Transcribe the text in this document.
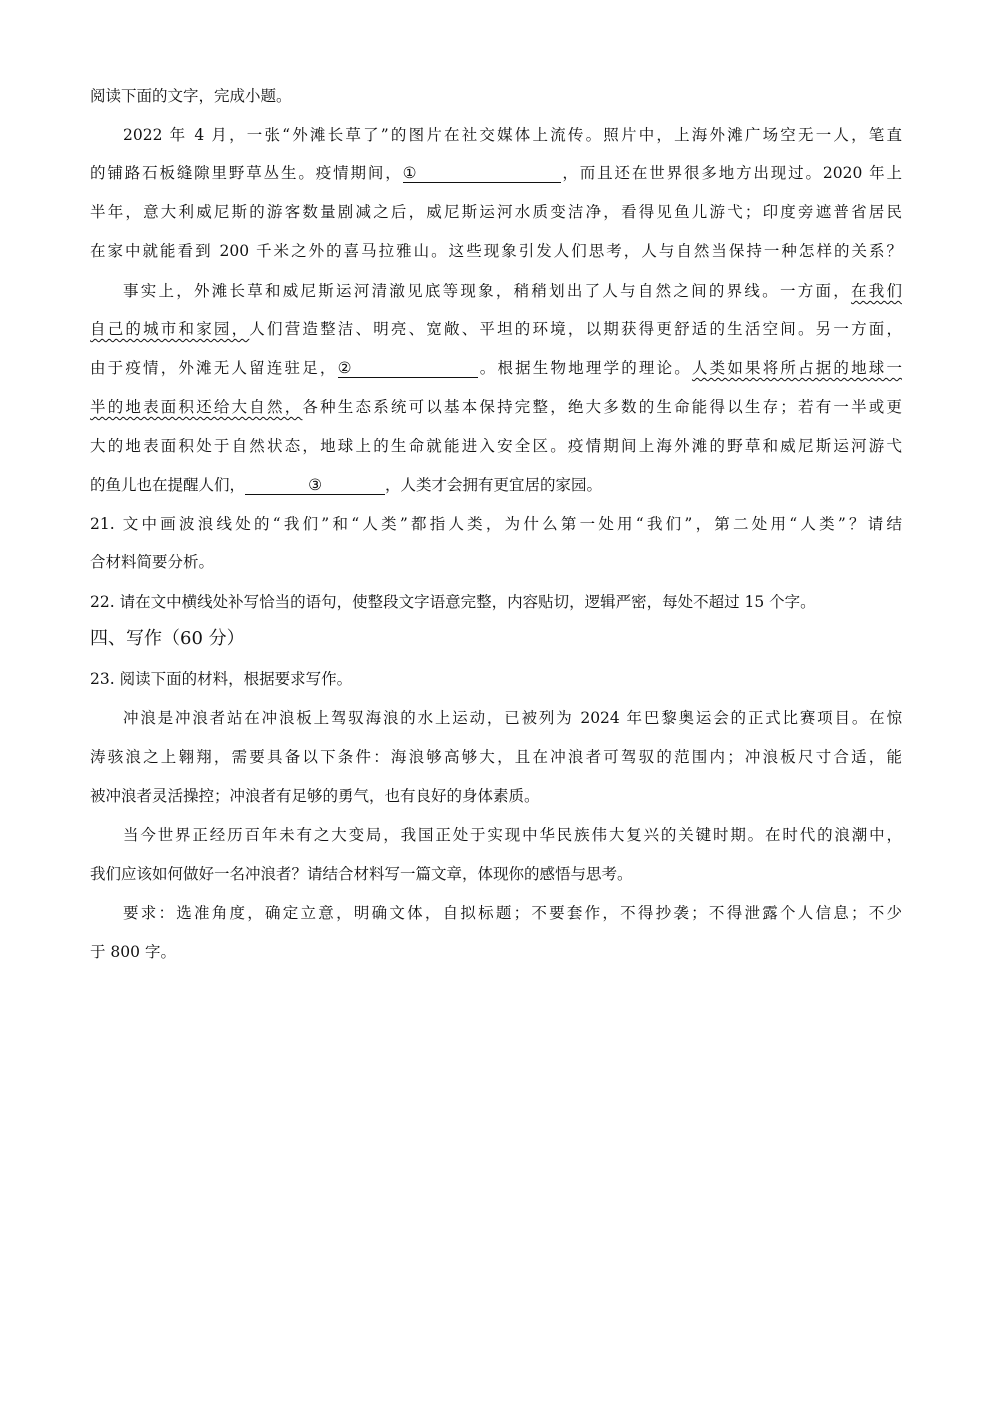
阅读下面的文字，完成小题。
2022 年 4 月，一张“外滩长草了”的图片在社交媒体上流传。照片中，上海外滩广场空无一人，笔直
的铺路石板缝隙里野草丛生。疫情期间，①	，而且还在世界很多地方出现过。2020 年上
半年，意大利威尼斯的游客数量剧减之后，威尼斯运河水质变洁净，看得见鱼儿游弋；印度旁遮普省居民
在家中就能看到 200 千米之外的喜马拉雅山。这些现象引发人们思考，人与自然当保持一种怎样的关系？
事实上，外滩长草和威尼斯运河清澈见底等现象，稍稍划出了人与自然之间的界线。一方面，在我们
自己的城市和家园，人们营造整洁、明亮、宽敞、平坦的环境，以期获得更舒适的生活空间。另一方面，
由于疫情，外滩无人留连驻足，②	。根据生物地理学的理论。人类如果将所占据的地球一
半的地表面积还给大自然，各种生态系统可以基本保持完整，绝大多数的生命能得以生存；若有一半或更
大的地表面积处于自然状态，地球上的生命就能进入安全区。疫情期间上海外滩的野草和威尼斯运河游弋
的鱼儿也在提醒人们，	③	，人类才会拥有更宜居的家园。
21. 文中画波浪线处的“我们”和“人类”都指人类，为什么第一处用“我们”，第二处用“人类”？请结
合材料简要分析。
22. 请在文中横线处补写恰当的语句，使整段文字语意完整，内容贴切，逻辑严密，每处不超过 15 个字。
四、写作（60 分）
23. 阅读下面的材料，根据要求写作。
冲浪是冲浪者站在冲浪板上驾驭海浪的水上运动，已被列为 2024 年巴黎奥运会的正式比赛项目。在惊
涛骇浪之上翱翔，需要具备以下条件：海浪够高够大，且在冲浪者可驾驭的范围内；冲浪板尺寸合适，能
被冲浪者灵活操控；冲浪者有足够的勇气，也有良好的身体素质。
当今世界正经历百年未有之大变局，我国正处于实现中华民族伟大复兴的关键时期。在时代的浪潮中，
我们应该如何做好一名冲浪者？请结合材料写一篇文章，体现你的感悟与思考。
要求：选准角度，确定立意，明确文体，自拟标题；不要套作，不得抄袭；不得泄露个人信息；不少
于 800 字。
